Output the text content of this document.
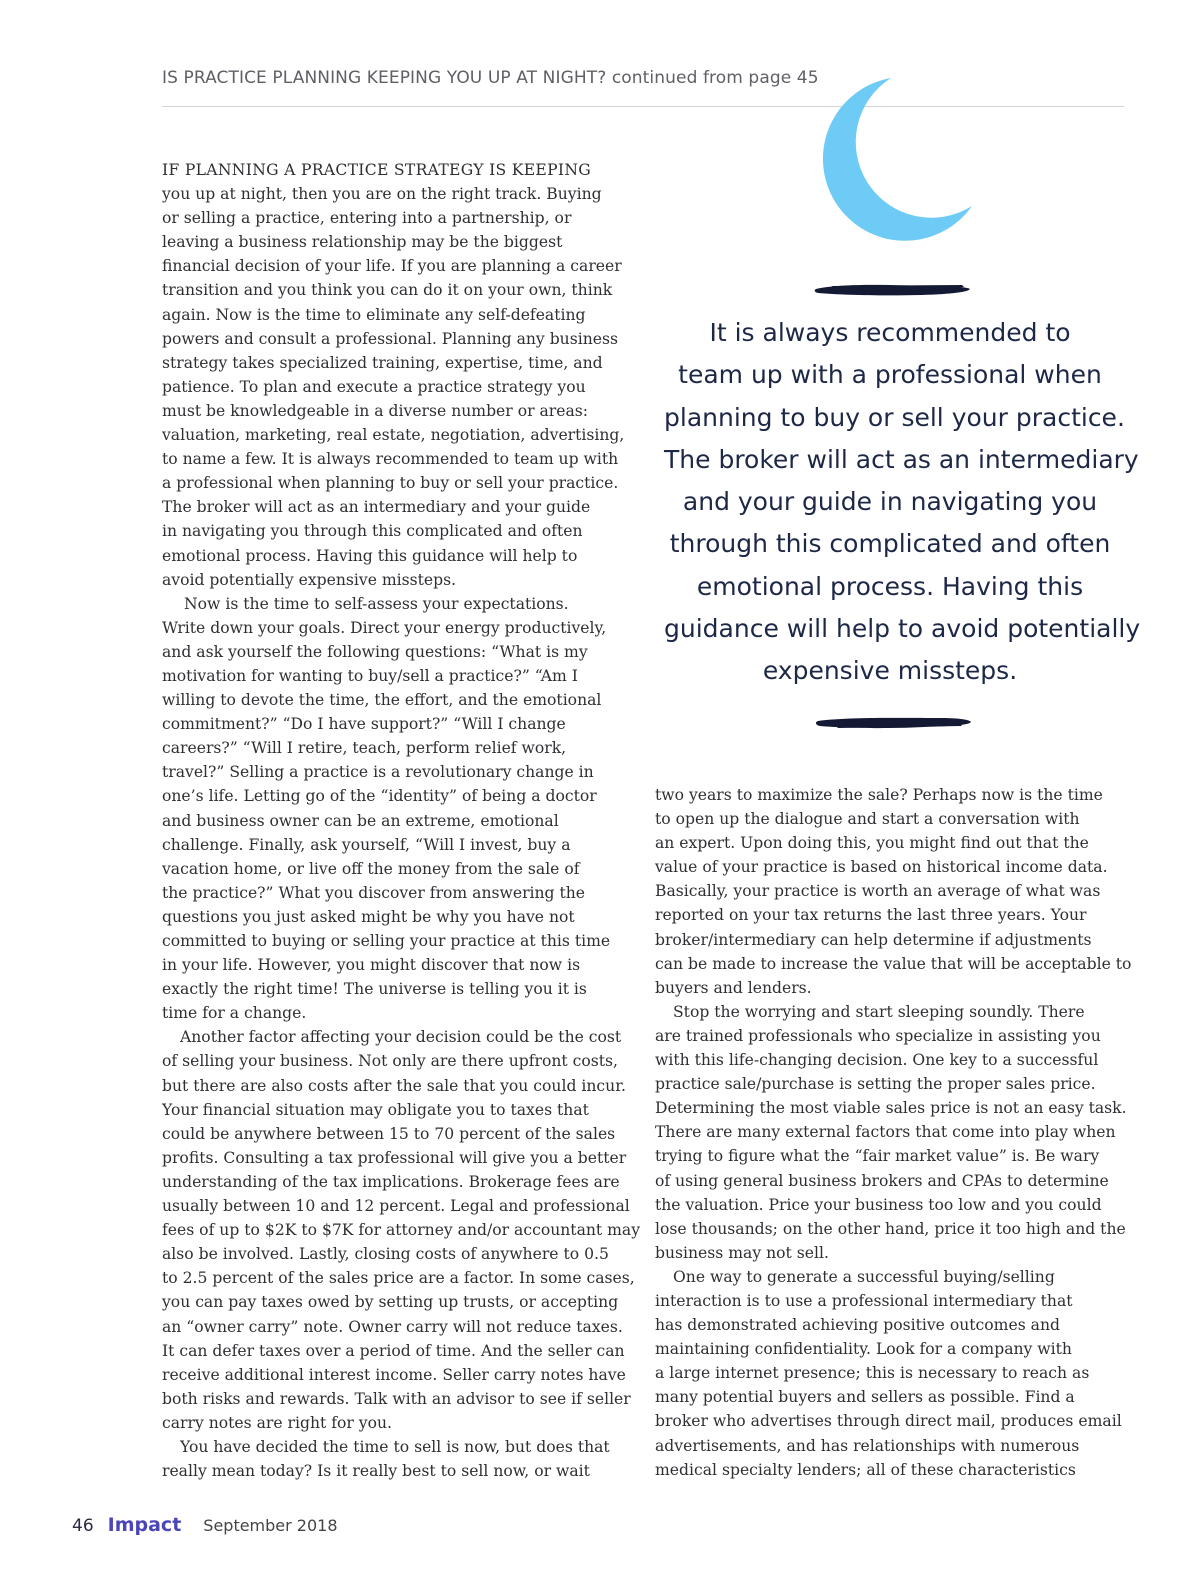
IS PRACTICE PLANNING KEEPING YOU UP AT NIGHT? continued from page 45

IF PLANNING A PRACTICE STRATEGY IS KEEPING
you up at night, then you are on the right track. Buying
or selling a practice, entering into a partnership, or
leaving a business relationship may be the biggest
financial decision of your life. If you are planning a career
transition and you think you can do it on your own, think
again. Now is the time to eliminate any self-defeating
powers and consult a professional. Planning any business
strategy takes specialized training, expertise, time, and
patience. To plan and execute a practice strategy you
must be knowledgeable in a diverse number or areas:
valuation, marketing, real estate, negotiation, advertising,
to name a few. It is always recommended to team up with
a professional when planning to buy or sell your practice.
The broker will act as an intermediary and your guide
in navigating you through this complicated and often
emotional process. Having this guidance will help to
avoid potentially expensive missteps.

Now is the time to self-assess your expectations.
Write down your goals. Direct your energy productively,
and ask yourself the following questions: “What is my
motivation for wanting to buy/sell a practice?” “Am I
willing to devote the time, the effort, and the emotional
commitment?” “Do I have support?” “Will I change
careers?” “Will I retire, teach, perform relief work,
travel?” Selling a practice is a revolutionary change in
one’s life. Letting go of the “identity” of being a doctor
and business owner can be an extreme, emotional
challenge. Finally, ask yourself, “Will I invest, buy a
vacation home, or live off the money from the sale of
the practice?” What you discover from answering the
questions you just asked might be why you have not
committed to buying or selling your practice at this time
in your life. However, you might discover that now is
exactly the right time! The universe is telling you it is
time for a change.

Another factor affecting your decision could be the cost
of selling your business. Not only are there upfront costs,
but there are also costs after the sale that you could incur.
Your financial situation may obligate you to taxes that
could be anywhere between 15 to 70 percent of the sales
profits. Consulting a tax professional will give you a better
understanding of the tax implications. Brokerage fees are
usually between 10 and 12 percent. Legal and professional
fees of up to $2K to $7K for attorney and/or accountant may
also be involved. Lastly, closing costs of anywhere to 0.5
to 2.5 percent of the sales price are a factor. In some cases,
you can pay taxes owed by setting up trusts, or accepting
an “owner carry” note. Owner carry will not reduce taxes.
It can defer taxes over a period of time. And the seller can
receive additional interest income. Seller carry notes have
both risks and rewards. Talk with an advisor to see if seller
carry notes are right for you.

You have decided the time to sell is now, but does that
really mean today? Is it really best to sell now, or wait

It is always recommended to
team up with a professional when
planning to buy or sell your practice.
The broker will act as an intermediary
and your guide in navigating you
through this complicated and often
emotional process. Having this
guidance will help to avoid potentially
expensive missteps.

two years to maximize the sale? Perhaps now is the time
to open up the dialogue and start a conversation with
an expert. Upon doing this, you might find out that the
value of your practice is based on historical income data.
Basically, your practice is worth an average of what was
reported on your tax returns the last three years. Your
broker/intermediary can help determine if adjustments
can be made to increase the value that will be acceptable to
buyers and lenders.

Stop the worrying and start sleeping soundly. There
are trained professionals who specialize in assisting you
with this life-changing decision. One key to a successful
practice sale/purchase is setting the proper sales price.
Determining the most viable sales price is not an easy task.
There are many external factors that come into play when
trying to figure what the “fair market value” is. Be wary
of using general business brokers and CPAs to determine
the valuation. Price your business too low and you could
lose thousands; on the other hand, price it too high and the
business may not sell.

One way to generate a successful buying/selling
interaction is to use a professional intermediary that
has demonstrated achieving positive outcomes and
maintaining confidentiality. Look for a company with
a large internet presence; this is necessary to reach as
many potential buyers and sellers as possible. Find a
broker who advertises through direct mail, produces email
advertisements, and has relationships with numerous
medical specialty lenders; all of these characteristics

46 Impact September 2018
